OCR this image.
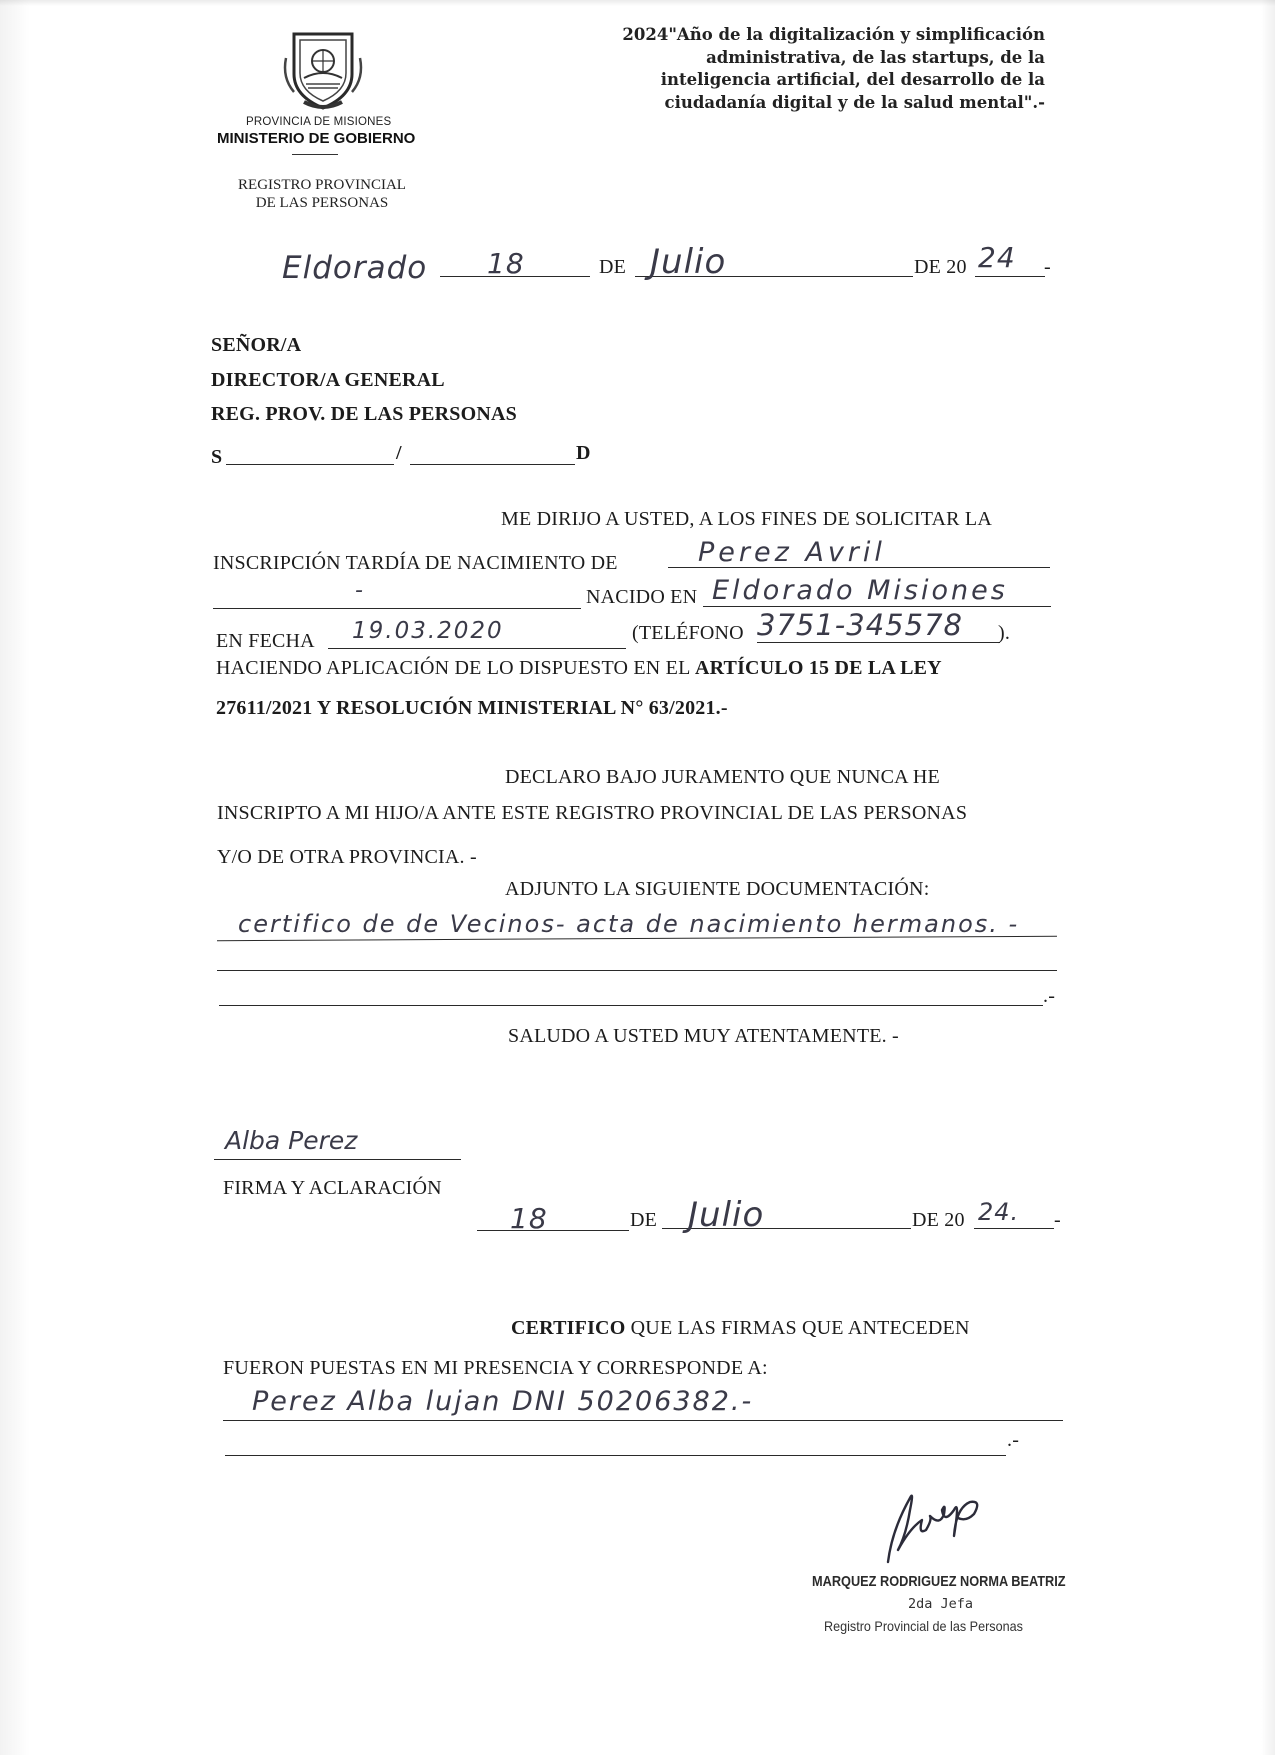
PROVINCIA DE MISIONES
MINISTERIO DE GOBIERNO
REGISTRO PROVINCIAL
DE LAS PERSONAS
2024"Año de la digitalización y simplificación
administrativa, de las startups, de la
inteligencia artificial, del desarrollo de la
ciudadanía digital y de la salud mental".-
Eldorado 18	DE Julio	DE 20 24 -
SEÑOR/A
DIRECTOR/A GENERAL
REG. PROV. DE LAS PERSONAS
S	/	D
ME DIRIJO A USTED, A LOS FINES DE SOLICITAR LA
INSCRIPCIÓN TARDÍA DE NACIMIENTO DE	Perez Avril
-	NACIDO EN Eldorado Misiones
EN FECHA 19.03.2020	(TELÉFONO 3751-345578 ).
HACIENDO APLICACIÓN DE LO DISPUESTO EN EL ARTÍCULO 15 DE LA LEY
27611/2021 Y RESOLUCIÓN MINISTERIAL N° 63/2021.-
DECLARO BAJO JURAMENTO QUE NUNCA HE
INSCRIPTO A MI HIJO/A ANTE ESTE REGISTRO PROVINCIAL DE LAS PERSONAS
Y/O DE OTRA PROVINCIA. -
ADJUNTO LA SIGUIENTE DOCUMENTACIÓN:
certifico de de Vecinos- acta de nacimiento hermanos. -
.-
SALUDO A USTED MUY ATENTAMENTE. -
Alba Perez
FIRMA Y ACLARACIÓN
18	DE Julio	DE 20 24. -
CERTIFICO QUE LAS FIRMAS QUE ANTECEDEN
FUERON PUESTAS EN MI PRESENCIA Y CORRESPONDE A:
Perez Alba lujan DNI 50206382.-
.-
MARQUEZ RODRIGUEZ NORMA BEATRIZ
2da Jefa
Registro Provincial de las Personas
